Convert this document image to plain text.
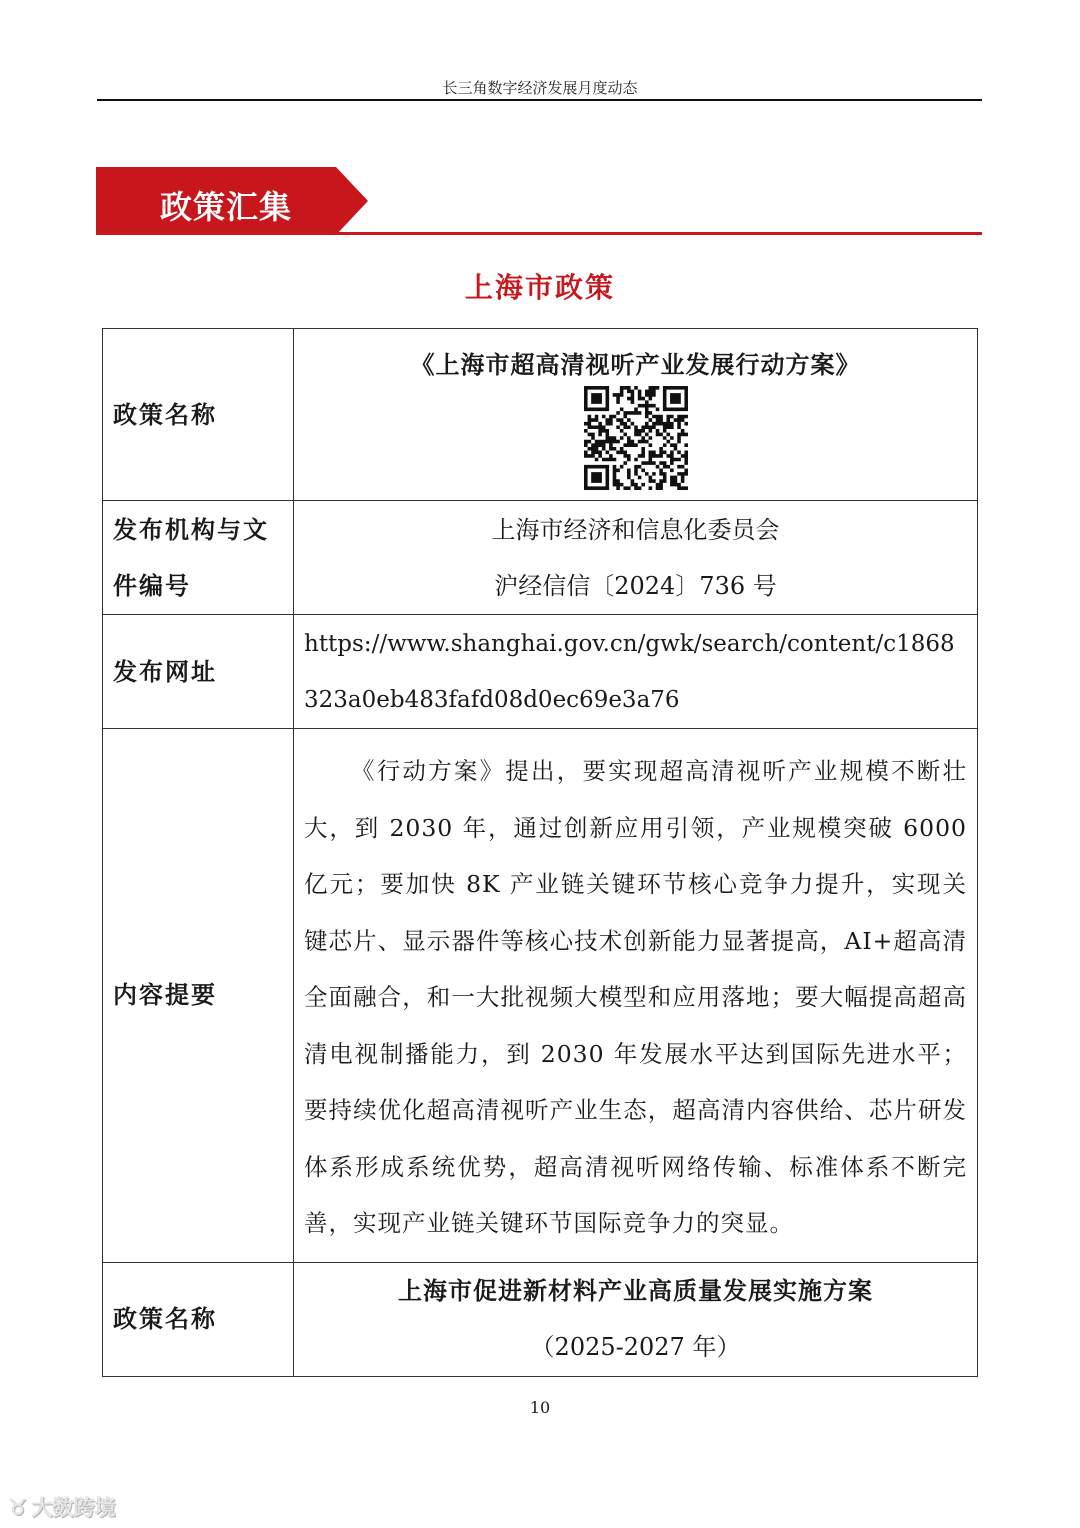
长三角数字经济发展月度动态
政策汇集
上海市政策
政策名称	《上海市超高清视听产业发展行动方案》

发布机构与文件编号	上海市经济和信息化委员会
沪经信信〔2024〕736 号

发布网址	https://www.shanghai.gov.cn/gwk/search/content/c1868323a0eb483fafd08d0ec69e3a76

内容提要	《行动方案》提出，要实现超高清视听产业规模不断壮大，到 2030 年，通过创新应用引领，产业规模突破 6000 亿元；要加快 8K 产业链关键环节核心竞争力提升，实现关键芯片、显示器件等核心技术创新能力显著提高，AI+超高清全面融合，和一大批视频大模型和应用落地；要大幅提高超高清电视制播能力，到 2030 年发展水平达到国际先进水平；要持续优化超高清视听产业生态，超高清内容供给、芯片研发体系形成系统优势，超高清视听网络传输、标准体系不断完善，实现产业链关键环节国际竞争力的突显。

政策名称	上海市促进新材料产业高质量发展实施方案
（2025-2027 年）
10
♉ 大数跨境
